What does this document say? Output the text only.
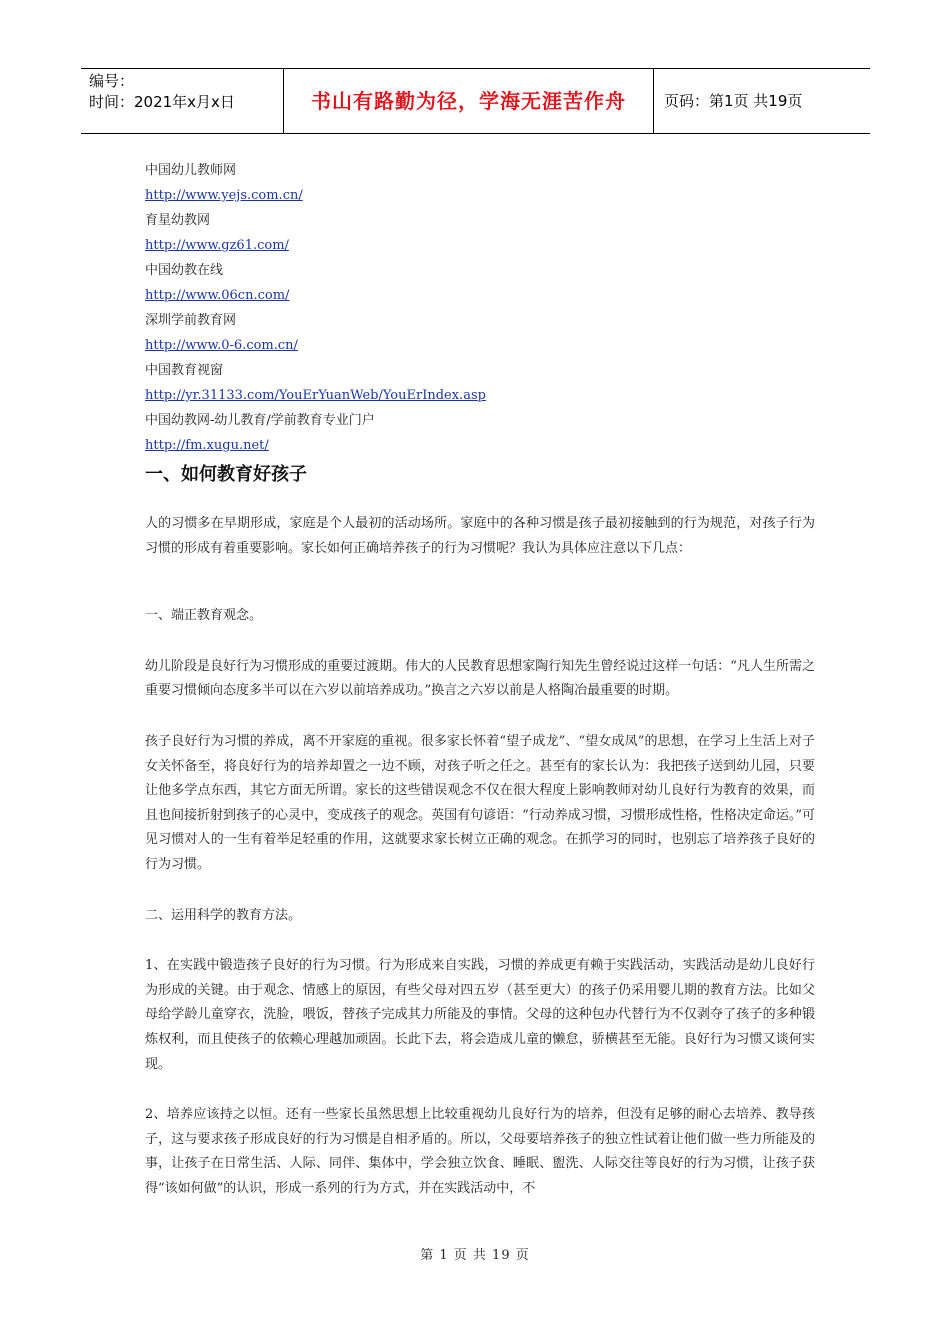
编号：
时间：2021年x月x日	书山有路勤为径，学海无涯苦作舟	页码：第1页 共19页
中国幼儿教师网
http://www.yejs.com.cn/
育星幼教网
http://www.gz61.com/
中国幼教在线
http://www.06cn.com/
深圳学前教育网
http://www.0-6.com.cn/
中国教育视窗
http://yr.31133.com/YouErYuanWeb/YouErIndex.asp
中国幼教网-幼儿教育/学前教育专业门户
http://fm.xugu.net/
一、如何教育好孩子

人的习惯多在早期形成，家庭是个人最初的活动场所。家庭中的各种习惯是孩子最初接触到的行为规范，对孩子行为习惯的形成有着重要影响。家长如何正确培养孩子的行为习惯呢？我认为具体应注意以下几点：

一、端正教育观念。

幼儿阶段是良好行为习惯形成的重要过渡期。伟大的人民教育思想家陶行知先生曾经说过这样一句话：“凡人生所需之重要习惯倾向态度多半可以在六岁以前培养成功。”换言之六岁以前是人格陶冶最重要的时期。

孩子良好行为习惯的养成，离不开家庭的重视。很多家长怀着“望子成龙”、“望女成凤”的思想，在学习上生活上对子女关怀备至，将良好行为的培养却置之一边不顾，对孩子听之任之。甚至有的家长认为：我把孩子送到幼儿园，只要让他多学点东西，其它方面无所谓。家长的这些错误观念不仅在很大程度上影响教师对幼儿良好行为教育的效果，而且也间接折射到孩子的心灵中，变成孩子的观念。英国有句谚语：“行动养成习惯，习惯形成性格，性格决定命运。”可见习惯对人的一生有着举足轻重的作用，这就要求家长树立正确的观念。在抓学习的同时，也别忘了培养孩子良好的行为习惯。

二、运用科学的教育方法。

1、在实践中锻造孩子良好的行为习惯。行为形成来自实践，习惯的养成更有赖于实践活动，实践活动是幼儿良好行为形成的关键。由于观念、情感上的原因，有些父母对四五岁（甚至更大）的孩子仍采用婴儿期的教育方法。比如父母给学龄儿童穿衣，洗脸，喂饭，替孩子完成其力所能及的事情。父母的这种包办代替行为不仅剥夺了孩子的多种锻炼权利，而且使孩子的依赖心理越加顽固。长此下去，将会造成儿童的懒怠，骄横甚至无能。良好行为习惯又谈何实现。

2、培养应该持之以恒。还有一些家长虽然思想上比较重视幼儿良好行为的培养，但没有足够的耐心去培养、教导孩子，这与要求孩子形成良好的行为习惯是自相矛盾的。所以，父母要培养孩子的独立性试着让他们做一些力所能及的事，让孩子在日常生活、人际、同伴、集体中，学会独立饮食、睡眠、盥洗、人际交往等良好的行为习惯，让孩子获得“该如何做”的认识，形成一系列的行为方式，并在实践活动中，不

第 1 页 共 19 页
